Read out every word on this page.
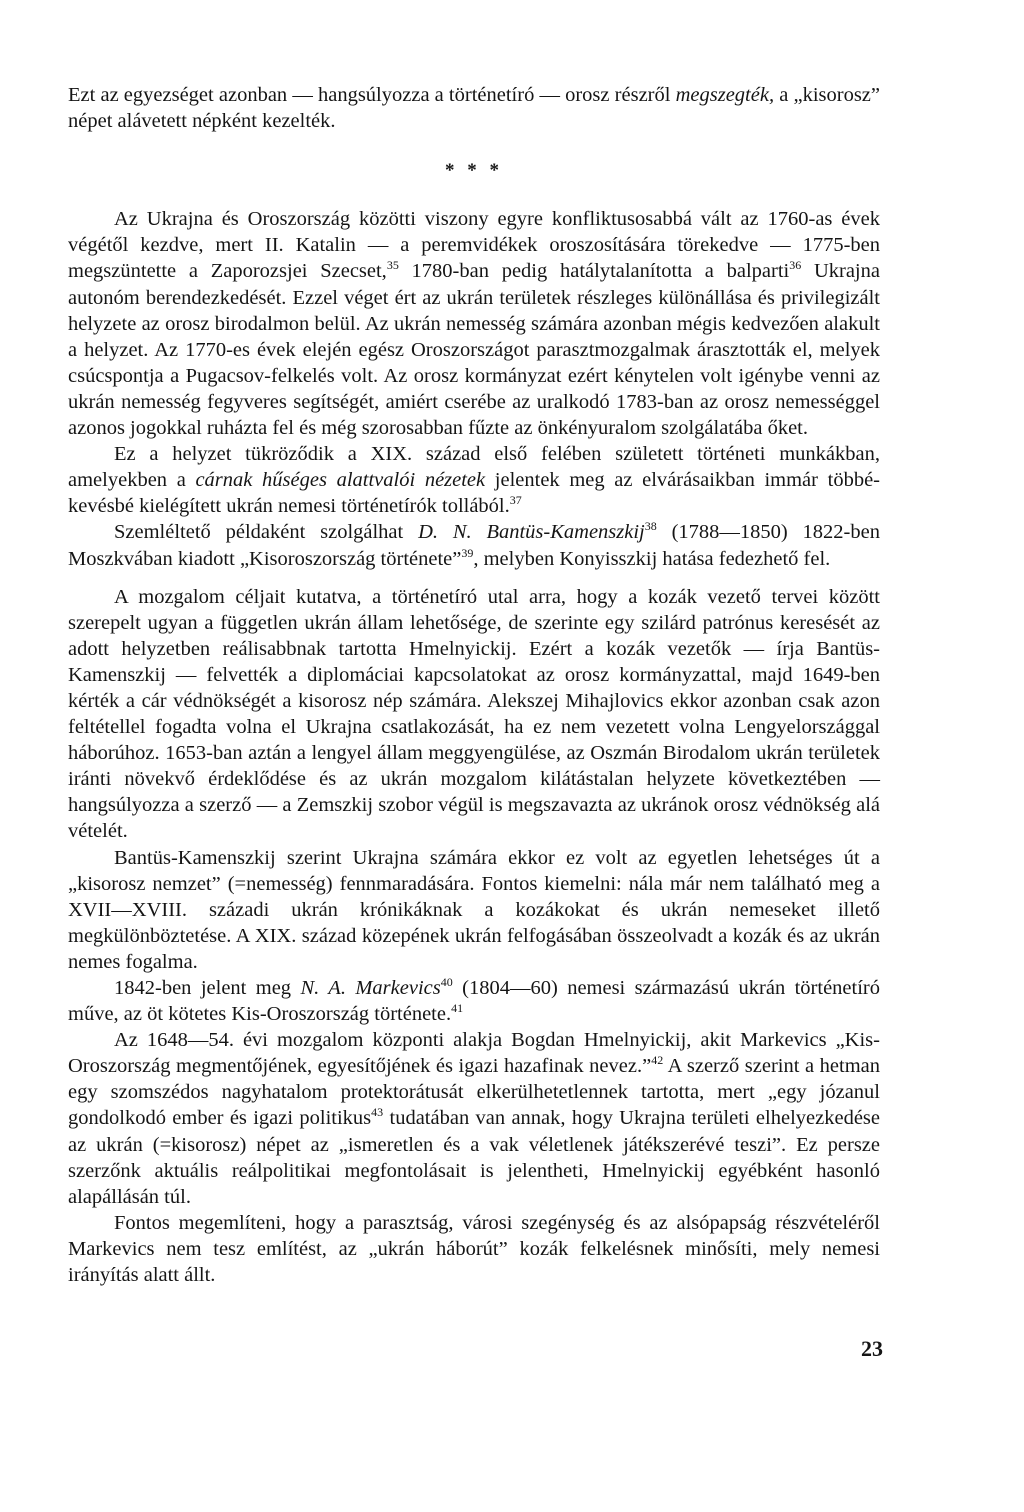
Ezt az egyezséget azonban — hangsúlyozza a történetíró — orosz részről megszegték, a „kisorosz” népet alávetett népként kezelték.

* * *

Az Ukrajna és Oroszország közötti viszony egyre konfliktusosabbá vált az 1760-as évek végétől kezdve, mert II. Katalin — a peremvidékek oroszosítására törekedve — 1775-ben megszüntette a Zaporozsjei Szecset,$^{35}$ 1780-ban pedig hatálytalanította a balparti$^{36}$ Ukrajna autonóm berendezkedését. Ezzel véget ért az ukrán területek részleges különállása és privilegizált helyzete az orosz birodalmon belül. Az ukrán nemesség számára azonban mégis kedvezően alakult a helyzet. Az 1770-es évek elején egész Oroszországot parasztmozgalmak árasztották el, melyek csúcspontja a Pugacsov-felkelés volt. Az orosz kormányzat ezért kénytelen volt igénybe venni az ukrán nemesség fegyveres segítségét, amiért cserébe az uralkodó 1783-ban az orosz nemességgel azonos jogokkal ruházta fel és még szorosabban fűzte az önkényuralom szolgálatába őket.

Ez a helyzet tükröződik a XIX. század első felében született történeti munkákban, amelyekben a cárnak hűséges alattvalói nézetek jelentek meg az elvárásaikban immár többé-kevésbé kielégített ukrán nemesi történetírók tollából.$^{37}$

Szemléltető példaként szolgálhat D. N. Bantüs-Kamenszkij$^{38}$ (1788—1850) 1822-ben Moszkvában kiadott „Kisoroszország története”$^{39}$, melyben Konyisszkij hatása fedezhető fel.

A mozgalom céljait kutatva, a történetíró utal arra, hogy a kozák vezető tervei között szerepelt ugyan a független ukrán állam lehetősége, de szerinte egy szilárd patrónus keresését az adott helyzetben reálisabbnak tartotta Hmelnyickij. Ezért a kozák vezetők — írja Bantüs-Kamenszkij — felvették a diplomáciai kapcsolatokat az orosz kormányzattal, majd 1649-ben kérték a cár védnökségét a kisorosz nép számára. Alekszej Mihajlovics ekkor azonban csak azon feltétellel fogadta volna el Ukrajna csatlakozását, ha ez nem vezetett volna Lengyelországgal háborúhoz. 1653-ban aztán a lengyel állam meggyengülése, az Oszmán Birodalom ukrán területek iránti növekvő érdeklődése és az ukrán mozgalom kilátástalan helyzete következtében — hangsúlyozza a szerző — a Zemszkij szobor végül is megszavazta az ukránok orosz védnökség alá vételét.

Bantüs-Kamenszkij szerint Ukrajna számára ekkor ez volt az egyetlen lehetséges út a „kisorosz nemzet” (=nemesség) fennmaradására. Fontos kiemelni: nála már nem található meg a XVII—XVIII. századi ukrán krónikáknak a kozákokat és ukrán nemeseket illető megkülönböztetése. A XIX. század közepének ukrán felfogásában összeolvadt a kozák és az ukrán nemes fogalma.

1842-ben jelent meg N. A. Markevics$^{40}$ (1804—60) nemesi származású ukrán történetíró műve, az öt kötetes Kis-Oroszország története.$^{41}$

Az 1648—54. évi mozgalom központi alakja Bogdan Hmelnyickij, akit Markevics „Kis-Oroszország megmentőjének, egyesítőjének és igazi hazafinak nevez.”$^{42}$ A szerző szerint a hetman egy szomszédos nagyhatalom protektorátusát elkerülhetetlennek tartotta, mert „egy józanul gondolkodó ember és igazi politikus$^{43}$ tudatában van annak, hogy Ukrajna területi elhelyezkedése az ukrán (=kisorosz) népet az „ismeretlen és a vak véletlenek játékszerévé teszi”. Ez persze szerzőnk aktuális reálpolitikai megfontolásait is jelentheti, Hmelnyickij egyébként hasonló alapállásán túl.

Fontos megemlíteni, hogy a parasztság, városi szegénység és az alsópapság részvételéről Markevics nem tesz említést, az „ukrán háborút” kozák felkelésnek minősíti, mely nemesi irányítás alatt állt.

23
